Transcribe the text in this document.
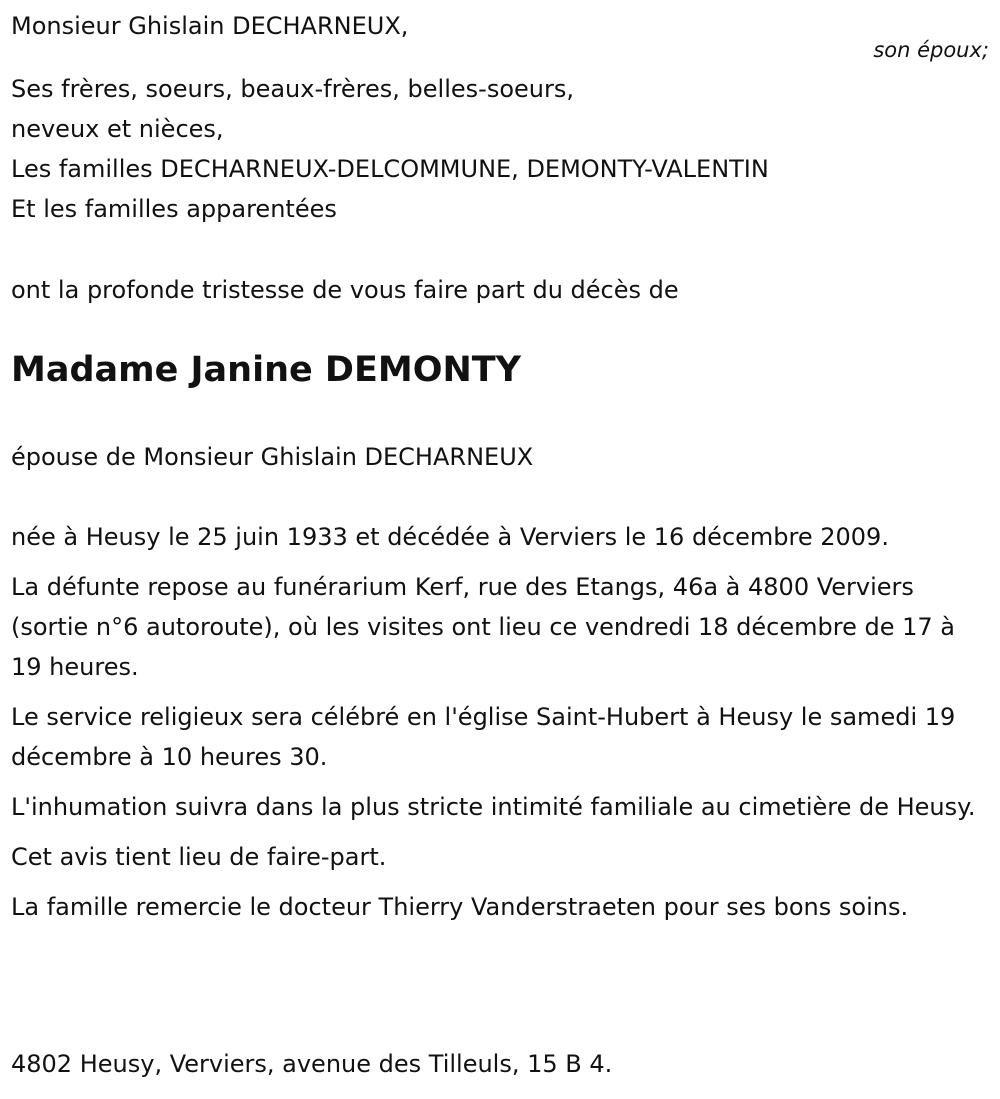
Monsieur Ghislain DECHARNEUX,
son époux;
Ses frères, soeurs, beaux-frères, belles-soeurs,
neveux et nièces,
Les familles DECHARNEUX-DELCOMMUNE, DEMONTY-VALENTIN
Et les familles apparentées
ont la profonde tristesse de vous faire part du décès de
Madame Janine DEMONTY
épouse de Monsieur Ghislain DECHARNEUX

née à Heusy le 25 juin 1933 et décédée à Verviers le 16 décembre 2009.

La défunte repose au funérarium Kerf, rue des Etangs, 46a à 4800 Verviers (sortie n°6 autoroute), où les visites ont lieu ce vendredi 18 décembre de 17 à 19 heures.

Le service religieux sera célébré en l'église Saint-Hubert à Heusy le samedi 19 décembre à 10 heures 30.

L'inhumation suivra dans la plus stricte intimité familiale au cimetière de Heusy.

Cet avis tient lieu de faire-part.

La famille remercie le docteur Thierry Vanderstraeten pour ses bons soins.

4802 Heusy, Verviers, avenue des Tilleuls, 15 B 4.
